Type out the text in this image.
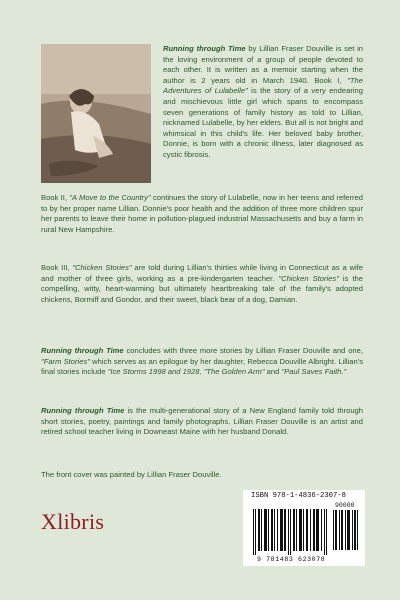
Running through Time by Lillian Fraser Douville is set in the loving environment of a group of people devoted to each other. It is written as a memoir starting when the author is 2 years old in March 1940. Book I, "The Adventures of Lulabelle" is the story of a very endearing and mischievous little girl which spans to encompass seven generations of family history as told to Lillian, nicknamed Lulabelle, by her elders. But all is not bright and whimsical in this child's life. Her beloved baby brother, Donnie, is born with a chronic illness, later diagnosed as cystic fibrosis.

Book II, "A Move to the Country" continues the story of Lulabelle, now in her teens and referred to by her proper name Lillian. Donnie's poor health and the addition of three more children spur her parents to leave their home in pollution-plagued industrial Massachusetts and buy a farm in rural New Hampshire.

Book III, "Chicken Stories" are told during Lillian's thirties while living in Connecticut as a wife and mother of three girls, working as a pre-kindergarten teacher. "Chicken Stories" is the compelling, witty, heart-warming but ultimately heartbreaking tale of the family's adopted chickens, Bormiff and Gondor, and their sweet, black bear of a dog, Damian.

Running through Time concludes with three more stories by Lillian Fraser Douville and one, "Farm Stories" which serves as an epilogue by her daughter, Rebecca Douville Albright. Lillian's final stories include "Ice Storms 1998 and 1928, "The Golden Arm" and "Paul Saves Faith."

Running through Time is the multi-generational story of a New England family told through short stories, poetry, paintings and family photographs. Lillian Fraser Douville is an artist and retired school teacher living in Downeast Maine with her husband Donald.

The front cover was painted by Lillian Fraser Douville.

Xlibris
ISBN 978-1-4836-2307-8
90000
9 781483 623078
